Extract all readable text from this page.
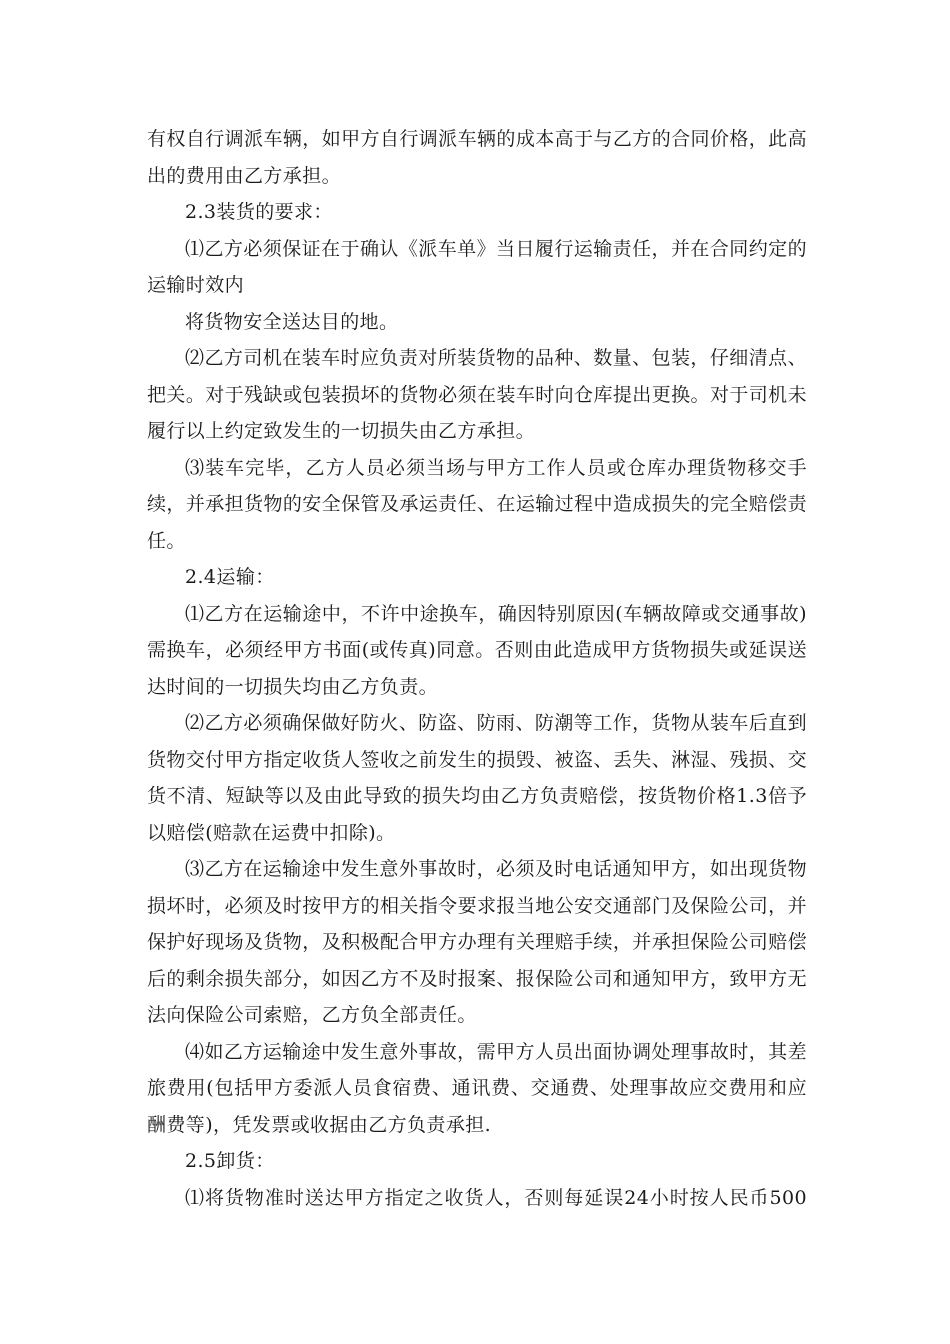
有权自行调派车辆，如甲方自行调派车辆的成本高于与乙方的合同价格，此高出的费用由乙方承担。

2.3装货的要求：

⑴乙方必须保证在于确认《派车单》当日履行运输责任，并在合同约定的运输时效内

将货物安全送达目的地。

⑵乙方司机在装车时应负责对所装货物的品种、数量、包装，仔细清点、把关。对于残缺或包装损坏的货物必须在装车时向仓库提出更换。对于司机未履行以上约定致发生的一切损失由乙方承担。

⑶装车完毕，乙方人员必须当场与甲方工作人员或仓库办理货物移交手续，并承担货物的安全保管及承运责任、在运输过程中造成损失的完全赔偿责任。

2.4运输：

⑴乙方在运输途中，不许中途换车，确因特别原因(车辆故障或交通事故)需换车，必须经甲方书面(或传真)同意。否则由此造成甲方货物损失或延误送达时间的一切损失均由乙方负责。

⑵乙方必须确保做好防火、防盗、防雨、防潮等工作，货物从装车后直到货物交付甲方指定收货人签收之前发生的损毁、被盗、丢失、淋湿、残损、交货不清、短缺等以及由此导致的损失均由乙方负责赔偿，按货物价格1.3倍予以赔偿(赔款在运费中扣除)。

⑶乙方在运输途中发生意外事故时，必须及时电话通知甲方，如出现货物损坏时，必须及时按甲方的相关指令要求报当地公安交通部门及保险公司，并保护好现场及货物，及积极配合甲方办理有关理赔手续，并承担保险公司赔偿后的剩余损失部分，如因乙方不及时报案、报保险公司和通知甲方，致甲方无法向保险公司索赔，乙方负全部责任。

⑷如乙方运输途中发生意外事故，需甲方人员出面协调处理事故时，其差旅费用(包括甲方委派人员食宿费、通讯费、交通费、处理事故应交费用和应酬费等)，凭发票或收据由乙方负责承担.

2.5卸货：

⑴将货物准时送达甲方指定之收货人，否则每延误24小时按人民币500
